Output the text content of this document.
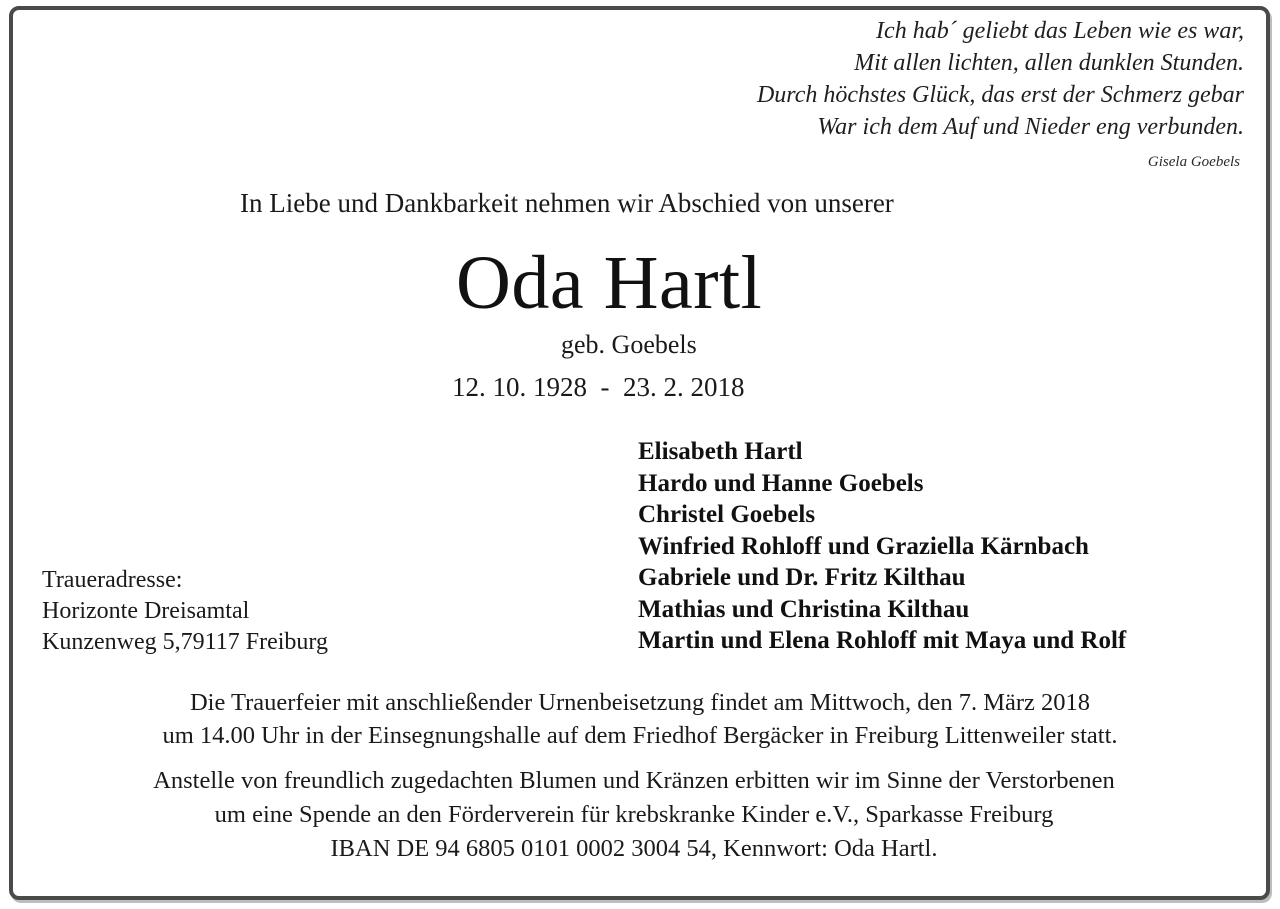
Ich hab´ geliebt das Leben wie es war,
Mit allen lichten, allen dunklen Stunden.
Durch höchstes Glück, das erst der Schmerz gebar
War ich dem Auf und Nieder eng verbunden.
Gisela Goebels
In Liebe und Dankbarkeit nehmen wir Abschied von unserer
Oda Hartl
geb. Goebels
12. 10. 1928  -  23. 2. 2018
Elisabeth Hartl
Hardo und Hanne Goebels
Christel Goebels
Winfried Rohloff und Graziella Kärnbach
Gabriele und Dr. Fritz Kilthau
Mathias und Christina Kilthau
Martin und Elena Rohloff mit Maya und Rolf
Traueradresse:
Horizonte Dreisamtal
Kunzenweg 5,79117 Freiburg
Die Trauerfeier mit anschließender Urnenbeisetzung findet am Mittwoch, den 7. März 2018
um 14.00 Uhr in der Einsegnungshalle auf dem Friedhof Bergäcker in Freiburg Littenweiler statt.
Anstelle von freundlich zugedachten Blumen und Kränzen erbitten wir im Sinne der Verstorbenen
um eine Spende an den Förderverein für krebskranke Kinder e.V., Sparkasse Freiburg
IBAN DE 94 6805 0101 0002 3004 54, Kennwort: Oda Hartl.
